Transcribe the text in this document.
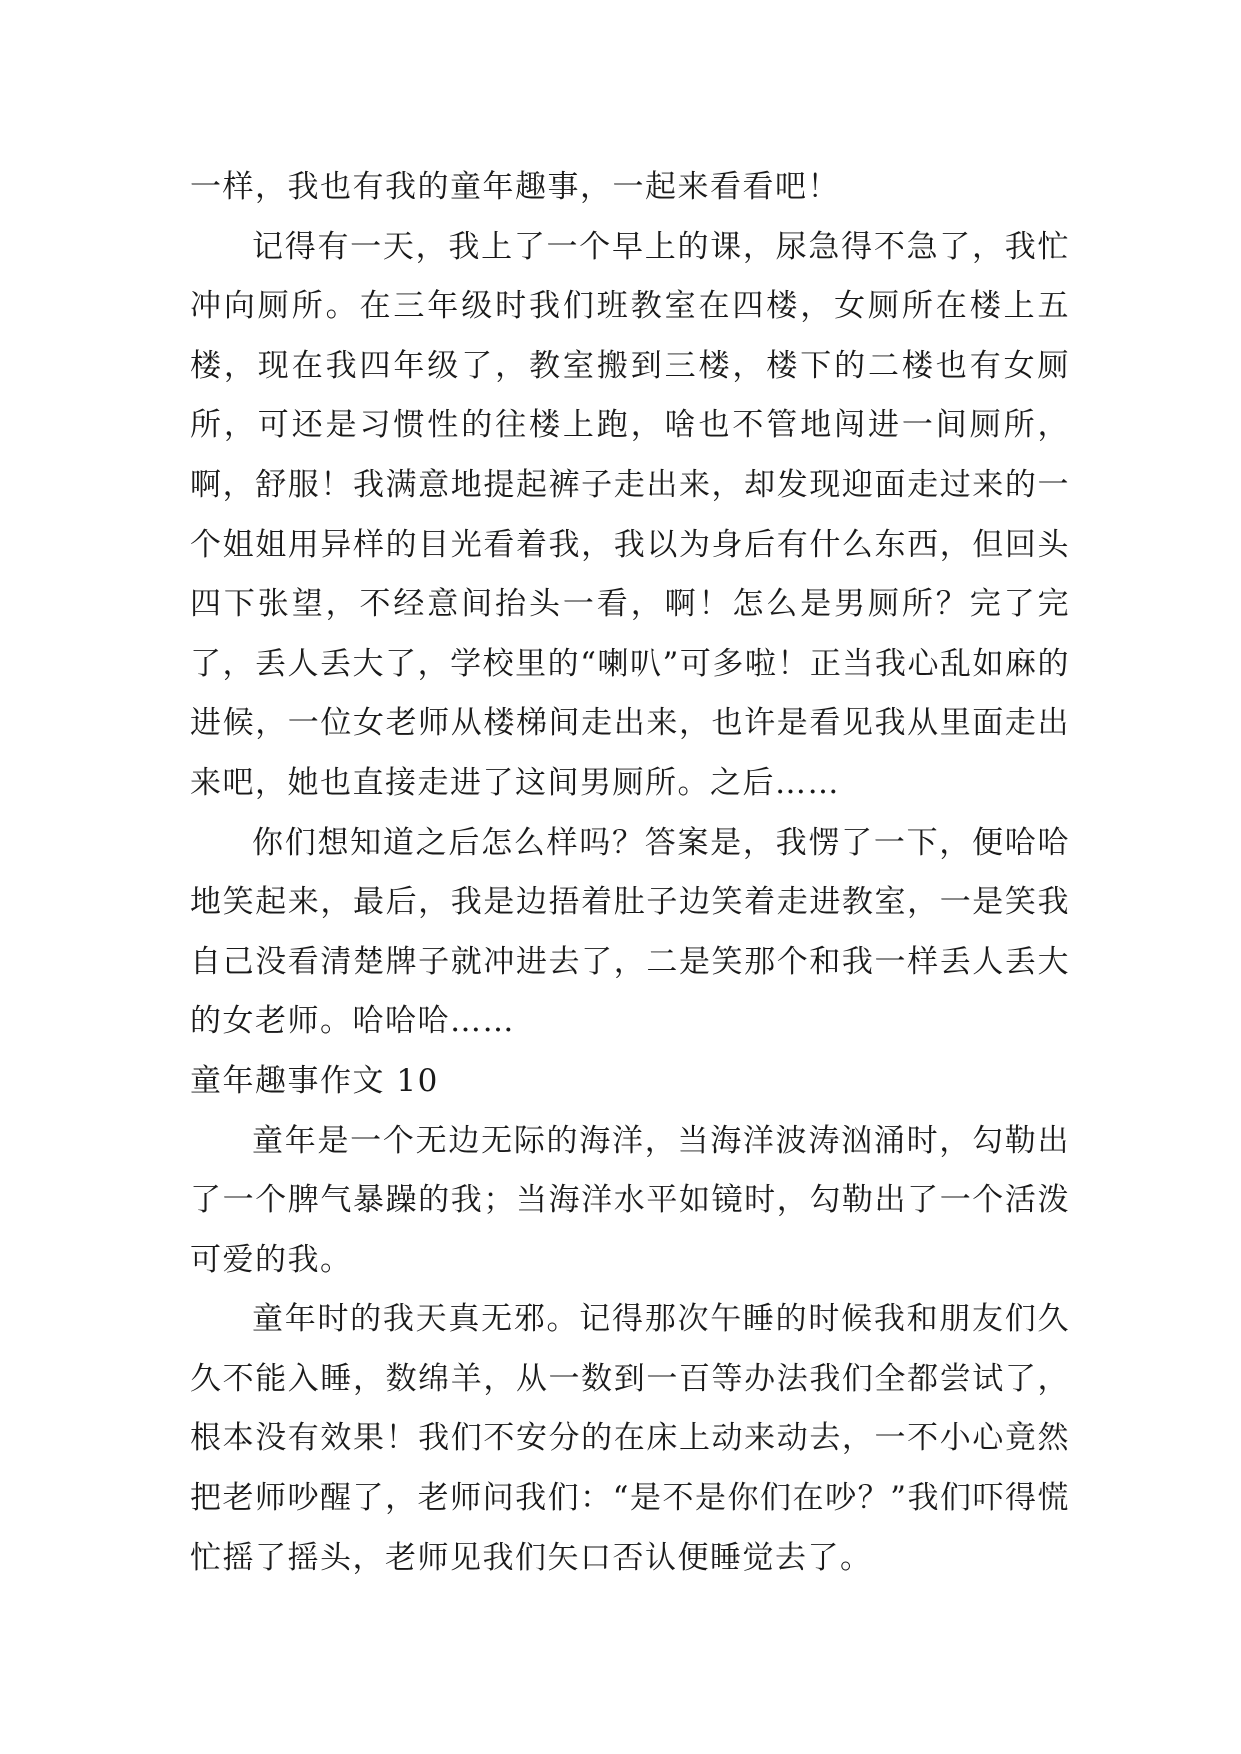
一样，我也有我的童年趣事，一起来看看吧！

记得有一天，我上了一个早上的课，尿急得不急了，我忙冲向厕所。在三年级时我们班教室在四楼，女厕所在楼上五楼，现在我四年级了，教室搬到三楼，楼下的二楼也有女厕所，可还是习惯性的往楼上跑，啥也不管地闯进一间厕所，啊，舒服！我满意地提起裤子走出来，却发现迎面走过来的一个姐姐用异样的目光看着我，我以为身后有什么东西，但回头四下张望，不经意间抬头一看，啊！怎么是男厕所？完了完了，丢人丢大了，学校里的“喇叭”可多啦！正当我心乱如麻的进候，一位女老师从楼梯间走出来，也许是看见我从里面走出来吧，她也直接走进了这间男厕所。之后……

你们想知道之后怎么样吗？答案是，我愣了一下，便哈哈地笑起来，最后，我是边捂着肚子边笑着走进教室，一是笑我自己没看清楚牌子就冲进去了，二是笑那个和我一样丢人丢大的女老师。哈哈哈……

童年趣事作文 10

童年是一个无边无际的海洋，当海洋波涛汹涌时，勾勒出了一个脾气暴躁的我；当海洋水平如镜时，勾勒出了一个活泼可爱的我。

童年时的我天真无邪。记得那次午睡的时候我和朋友们久久不能入睡，数绵羊，从一数到一百等办法我们全都尝试了，根本没有效果！我们不安分的在床上动来动去，一不小心竟然把老师吵醒了，老师问我们：“是不是你们在吵？”我们吓得慌忙摇了摇头，老师见我们矢口否认便睡觉去了。
